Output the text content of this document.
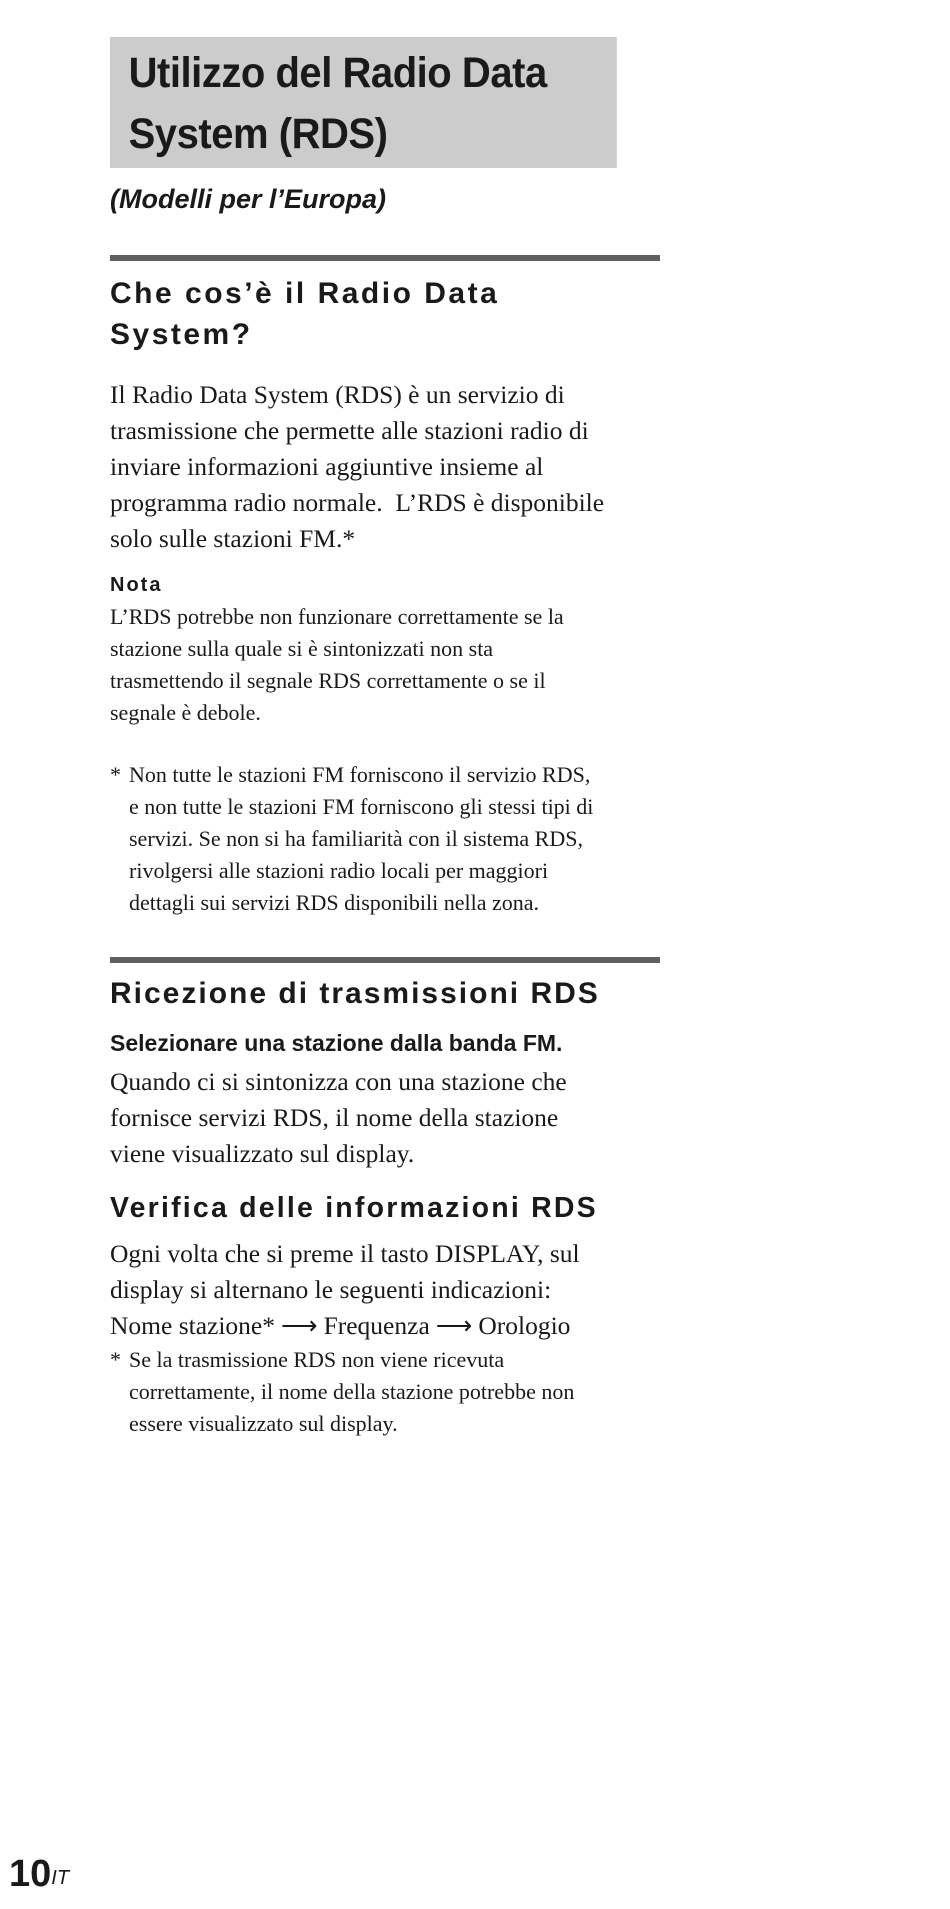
Utilizzo del Radio Data
System (RDS)
(Modelli per l’Europa)
Che cos’è il Radio Data
System?
Il Radio Data System (RDS) è un servizio di
trasmissione che permette alle stazioni radio di
inviare informazioni aggiuntive insieme al
programma radio normale.  L’RDS è disponibile
solo sulle stazioni FM.*
Nota
L’RDS potrebbe non funzionare correttamente se la
stazione sulla quale si è sintonizzati non sta
trasmettendo il segnale RDS correttamente o se il
segnale è debole.
* Non tutte le stazioni FM forniscono il servizio RDS,
e non tutte le stazioni FM forniscono gli stessi tipi di
servizi. Se non si ha familiarità con il sistema RDS,
rivolgersi alle stazioni radio locali per maggiori
dettagli sui servizi RDS disponibili nella zona.
Ricezione di trasmissioni RDS
Selezionare una stazione dalla banda FM.
Quando ci si sintonizza con una stazione che
fornisce servizi RDS, il nome della stazione
viene visualizzato sul display.
Verifica delle informazioni RDS
Ogni volta che si preme il tasto DISPLAY, sul
display si alternano le seguenti indicazioni:
Nome stazione* ⟶ Frequenza ⟶ Orologio
* Se la trasmissione RDS non viene ricevuta
correttamente, il nome della stazione potrebbe non
essere visualizzato sul display.
$10^{IT}$
